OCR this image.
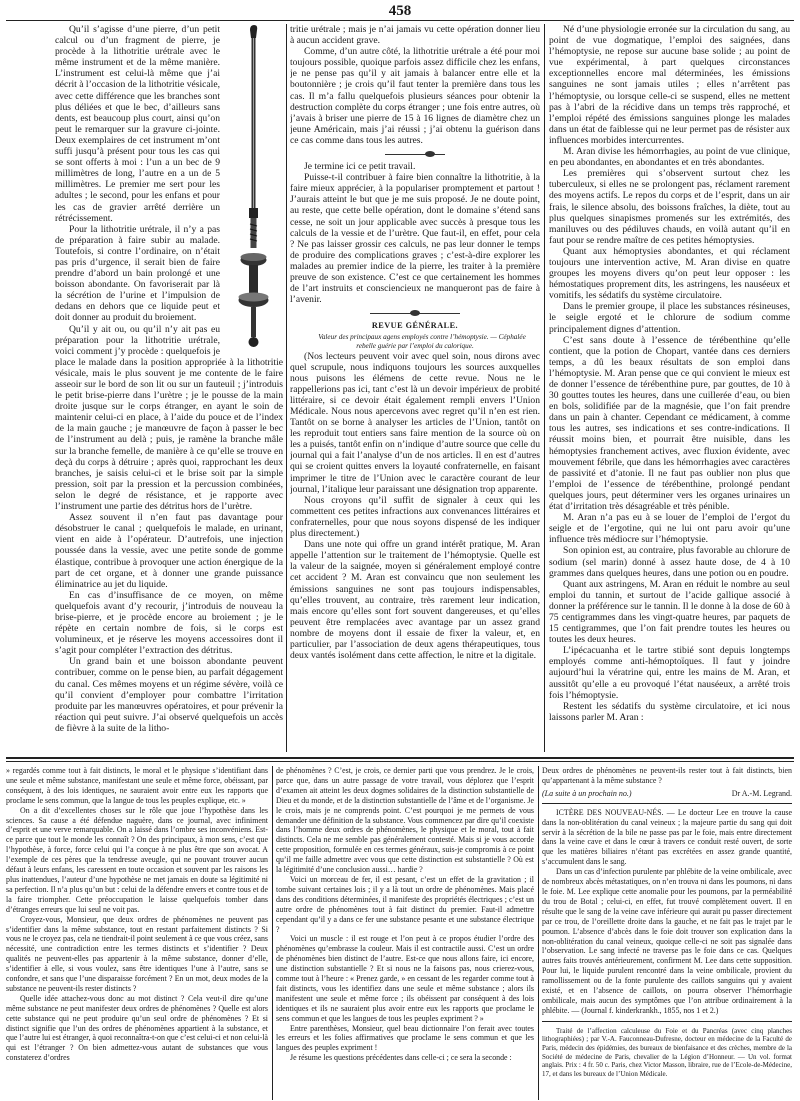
458

Qu’il s’agisse d’une pierre, d’un petit calcul ou d’un fragment de pierre, je procède à la lithotritie urétrale avec le même instrument et de la même manière. L’instrument est celui-là même que j’ai décrit à l’occasion de la lithotritie vésicale, avec cette différence que les branches sont plus déliées et que le bec, d’ailleurs sans dents, est beaucoup plus court, ainsi qu’on peut le remarquer sur la gravure ci-jointe. Deux exemplaires de cet instrument m’ont suffi jusqu’à présent pour tous les cas qui se sont offerts à moi : l’un a un bec de 9 millimètres de long, l’autre en a un de 5 millimètres. Le premier me sert pour les adultes ; le second, pour les enfans et pour les cas de gravier arrêté derrière un rétrécissement.

Pour la lithotritie urétrale, il n’y a pas de préparation à faire subir au malade. Toutefois, si contre l’ordinaire, on n’était pas pris d’urgence, il serait bien de faire prendre d’abord un bain prolongé et une boisson abondante. On favoriserait par là la sécrétion de l’urine et l’impulsion de dedans en dehors que ce liquide peut et doit donner au produit du broiement.

Qu’il y ait ou, ou qu’il n’y ait pas eu préparation pour la lithotritie urétrale, voici comment j’y procède : quelquefois je place le malade dans la position appropriée à la lithotritie vésicale, mais le plus souvent je me contente de le faire asseoir sur le bord de son lit ou sur un fauteuil ; j’introduis le petit brise-pierre dans l’urètre ; je le pousse de la main droite jusque sur le corps étranger, en ayant le soin de maintenir celui-ci en place, à l’aide du pouce et de l’index de la main gauche ; je manœuvre de façon à passer le bec de l’instrument au delà ; puis, je ramène la branche mâle sur la branche femelle, de manière à ce qu’elle se trouve en deçà du corps à détruire ; après quoi, rapprochant les deux branches, je saisis celui-ci et le brise soit par la simple pression, soit par la pression et la percussion combinées, selon le degré de résistance, et je rapporte avec l’instrument une partie des détritus hors de l’urètre.

Assez souvent il n’en faut pas davantage pour désobstruer le canal ; quelquefois le malade, en urinant, vient en aide à l’opérateur. D’autrefois, une injection poussée dans la vessie, avec une petite sonde de gomme élastique, contribue à provoquer une action énergique de la part de cet organe, et à donner une grande puissance éliminatrice au jet du liquide.

En cas d’insuffisance de ce moyen, on même quelquefois avant d’y recourir, j’introduis de nouveau la brise-pierre, et je procède encore au broiement ; je le répète en certain nombre de fois, si le corps est volumineux, et je réserve les moyens accessoires dont il s’agit pour compléter l’extraction des détritus.

Un grand bain et une boisson abondante peuvent contribuer, comme on le pense bien, au parfait dégagement du canal. Ces mêmes moyens et un régime sévère, voilà ce qu’il convient d’employer pour combattre l’irritation produite par les manœuvres opératoires, et pour prévenir la réaction qui peut suivre. J’ai observé quelquefois un accès de fièvre à la suite de la litho-

tritie urétrale ; mais je n’ai jamais vu cette opération donner lieu à aucun accident grave.

Comme, d’un autre côté, la lithotritie urétrale a été pour moi toujours possible, quoique parfois assez difficile chez les enfans, je ne pense pas qu’il y ait jamais à balancer entre elle et la boutonnière ; je crois qu’il faut tenter la première dans tous les cas. Il m’a fallu quelquefois plusieurs séances pour obtenir la destruction complète du corps étranger ; une fois entre autres, où j’avais à briser une pierre de 15 à 16 lignes de diamètre chez un jeune Américain, mais j’ai réussi ; j’ai obtenu la guérison dans ce cas comme dans tous les autres.

Je termine ici ce petit travail.

Puisse-t-il contribuer à faire bien connaître la lithotritie, à la faire mieux apprécier, à la populariser promptement et partout ! J’aurais atteint le but que je me suis proposé. Je ne doute point, au reste, que cette belle opération, dont le domaine s’étend sans cesse, ne soit un jour applicable avec succès à presque tous les calculs de la vessie et de l’urètre. Que faut-il, en effet, pour cela ? Ne pas laisser grossir ces calculs, ne pas leur donner le temps de produire des complications graves ; c’est-à-dire explorer les malades au premier indice de la pierre, les traiter à la première preuve de son existence. C’est ce que certainement les hommes de l’art instruits et consciencieux ne manqueront pas de faire à l’avenir.

REVUE GÉNÉRALE.

Valeur des principaux agens employés contre l’hémoptysie. — Céphalée rebelle guérie par l’emploi du calorique.

(Nos lecteurs peuvent voir avec quel soin, nous dirons avec quel scrupule, nous indiquons toujours les sources auxquelles nous puisons les élémens de cette revue. Nous ne le rappellerions pas ici, tant c’est là un devoir impérieux de probité littéraire, si ce devoir était également rempli envers l’Union Médicale. Nous nous apercevons avec regret qu’il n’en est rien. Tantôt on se borne à analyser les articles de l’Union, tantôt on les reproduit tout entiers sans faire mention de la source où on les a puisés, tantôt enfin on n’indique d’autre source que celle du journal qui a fait l’analyse d’un de nos articles. Il en est d’autres qui se croient quittes envers la loyauté confraternelle, en faisant imprimer le titre de l’Union avec le caractère courant de leur journal, l’italique leur paraissant une désignation trop apparente.

Nous croyons qu’il suffit de signaler à ceux qui les commettent ces petites infractions aux convenances littéraires et confraternelles, pour que nous soyons dispensé de les indiquer plus directement.)

Dans une note qui offre un grand intérêt pratique, M. Aran appelle l’attention sur le traitement de l’hémoptysie. Quelle est la valeur de la saignée, moyen si généralement employé contre cet accident ? M. Aran est convaincu que non seulement les émissions sanguines ne sont pas toujours indispensables, qu’elles trouvent, au contraire, très rarement leur indication, mais encore qu’elles sont fort souvent dangereuses, et qu’elles peuvent être remplacées avec avantage par un assez grand nombre de moyens dont il essaie de fixer la valeur, et, en particulier, par l’association de deux agens thérapeutiques, tous deux vantés isolément dans cette affection, le nitre et la digitale.

Né d’une physiologie erronée sur la circulation du sang, au point de vue dogmatique, l’emploi des saignées, dans l’hémoptysie, ne repose sur aucune base solide ; au point de vue expérimental, à part quelques circonstances exceptionnelles encore mal déterminées, les émissions sanguines ne sont jamais utiles ; elles n’arrêtent pas l’hémoptysie, ou lorsque celle-ci se suspend, elles ne mettent pas à l’abri de la récidive dans un temps très rapproché, et l’emploi répété des émissions sanguines plonge les malades dans un état de faiblesse qui ne leur permet pas de résister aux influences morbides intercurrentes.

M. Aran divise les hémorrhagies, au point de vue clinique, en peu abondantes, en abondantes et en très abondantes.

Les premières qui s’observent surtout chez les tuberculeux, si elles ne se prolongent pas, réclament rarement des moyens actifs. Le repos du corps et de l’esprit, dans un air frais, le silence absolu, des boissons fraîches, la diète, tout au plus quelques sinapismes promenés sur les extrémités, des maniluves ou des pédiluves chauds, en voilà autant qu’il en faut pour se rendre maître de ces petites hémoptysies.

Quant aux hémoptysies abondantes, et qui réclament toujours une intervention active, M. Aran divise en quatre groupes les moyens divers qu’on peut leur opposer : les hémostatiques proprement dits, les astringens, les nauséeux et vomitifs, les sédatifs du système circulatoire.

Dans le premier groupe, il place les substances résineuses, le seigle ergoté et le chlorure de sodium comme principalement dignes d’attention.

C’est sans doute à l’essence de térébenthine qu’elle contient, que la potion de Chopart, vantée dans ces derniers temps, a dû les beaux résultats de son emploi dans l’hémoptysie. M. Aran pense que ce qui convient le mieux est de donner l’essence de térébenthine pure, par gouttes, de 10 à 30 gouttes toutes les heures, dans une cuillerée d’eau, ou bien en bols, solidifiée par de la magnésie, que l’on fait prendre dans un pain à chanter. Cependant ce médicament, à comme tous les autres, ses indications et ses contre-indications. Il réussit moins bien, et pourrait être nuisible, dans les hémoptysies franchement actives, avec fluxion évidente, avec mouvement fébrile, que dans les hémorrhagies avec caractères de passivité et d’atonie. Il ne faut pas oublier non plus que l’emploi de l’essence de térébenthine, prolongé pendant quelques jours, peut déterminer vers les organes urinaires un état d’irritation très désagréable et très pénible.

M. Aran n’a pas eu à se louer de l’emploi de l’ergot du seigle et de l’ergotine, qui ne lui ont paru avoir qu’une influence très médiocre sur l’hémoptysie.

Son opinion est, au contraire, plus favorable au chlorure de sodium (sel marin) donné à assez haute dose, de 4 à 10 grammes dans quelques heures, dans une potion ou en poudre.

Quant aux astringens, M. Aran en réduit le nombre au seul emploi du tannin, et surtout de l’acide gallique associé à donner la préférence sur le tannin. Il le donne à la dose de 60 à 75 centigrammes dans les vingt-quatre heures, par paquets de 15 centigrammes, que l’on fait prendre toutes les heures ou toutes les deux heures.

L’ipécacuanha et le tartre stibié sont depuis longtemps employés comme anti-hémoptoïques. Il faut y joindre aujourd’hui la vératrine qui, entre les mains de M. Aran, et aussitôt qu’elle a eu provoqué l’état nauséeux, a arrêté trois fois l’hémoptysie.

Restent les sédatifs du système circulatoire, et ici nous laissons parler M. Aran :

» regardés comme tout à fait distincts, le moral et le physique s’identifiant dans une seule et même substance, manifestant une seule et même force, obéissant, par conséquent, à des lois identiques, ne sauraient avoir entre eux les rapports que proclame le sens commun, que la langue de tous les peuples explique, etc. »

On a dit d’excellentes choses sur le rôle que joue l’hypothèse dans les sciences. Sa cause a été défendue naguère, dans ce journal, avec infiniment d’esprit et une verve remarquable. On a laissé dans l’ombre ses inconvéniens. Est-ce parce que tout le monde les connaît ? On des principaux, à mon sens, c’est que l’hypothèse, à force, force celui qui l’a conçue à ne plus être que son avocat. A l’exemple de ces pères que la tendresse aveugle, qui ne pouvant trouver aucun défaut à leurs enfans, les caressent en toute occasion et souvent par les raisons les plus inattendues, l’auteur d’une hypothèse ne met jamais en doute sa légitimité ni sa perfection. Il n’a plus qu’un but : celui de la défendre envers et contre tous et de la faire triompher. Cette préoccupation le laisse quelquefois tomber dans d’étranges erreurs que lui seul ne voit pas.

Croyez-vous, Monsieur, que deux ordres de phénomènes ne peuvent pas s’identifier dans la même substance, tout en restant parfaitement distincts ? Si vous ne le croyez pas, cela ne tiendrait-il point seulement à ce que vous créez, sans nécessité, une contradiction entre les termes distincts et s’identifier ? Deux qualités ne peuvent-elles pas appartenir à la même substance, donner d’elle, s’identifier à elle, si vous voulez, sans être identiques l’une à l’autre, sans se confondre, et sans que l’une disparaisse forcément ? En un mot, deux modes de la substance ne peuvent-ils rester distincts ?

Quelle idée attachez-vous donc au mot distinct ? Cela veut-il dire qu’une même substance ne peut manifester deux ordres de phénomènes ? Quelle est alors cette substance qui ne peut produire qu’un seul ordre de phénomènes ? Et si distinct signifie que l’un des ordres de phénomènes appartient à la substance, et que l’autre lui est étranger, à quoi reconnaîtra-t-on que c’est celui-ci et non celui-là qui est l’étranger ? On bien admettez-vous autant de substances que vous constaterez d’ordres

de phénomènes ? C’est, je crois, ce dernier parti que vous prendrez. Je le crois, parce que, dans un autre passage de votre travail, vous déplorez que l’esprit d’examen ait atteint les deux dogmes solidaires de la distinction substantielle de Dieu et du monde, et de la distinction substantielle de l’âme et de l’organisme. Je le crois, mais je ne comprends point. C’est pourquoi je me permets de vous demander une définition de la substance. Vous commencez par dire qu’il coexiste dans l’homme deux ordres de phénomènes, le physique et le moral, tout à fait distincts. Cela ne me semble pas généralement contesté. Mais si je vous accorde cette proposition, formulée en ces termes généraux, suis-je compromis à ce point qu’il me faille admettre avec vous que cette distinction est substantielle ? Où est la légitimité d’une conclusion aussi… hardie ?

Voici un morceau de fer, il est pesant, c’est un effet de la gravitation ; il tombe suivant certaines lois ; il y a là tout un ordre de phénomènes. Mais placé dans des conditions déterminées, il manifeste des propriétés électriques ; c’est un autre ordre de phénomènes tout à fait distinct du premier. Faut-il admettre cependant qu’il y a dans ce fer une substance pesante et une substance électrique ?

Voici un muscle : il est rouge et l’on peut à ce propos étudier l’ordre des phénomènes qu’embrasse la couleur. Mais il est contractile aussi. C’est un ordre de phénomènes bien distinct de l’autre. Est-ce que nous allons faire, ici encore, une distinction substantielle ? Et si nous ne la faisons pas, nous crierez-vous, comme tout à l’heure : « Prenez garde, » en cessant de les regarder comme tout à fait distincts, vous les identifiez dans une seule et même substance ; alors ils manifestent une seule et même force ; ils obéissent par conséquent à des lois identiques et ils ne sauraient plus avoir entre eux les rapports que proclame le sens commun et que les langues de tous les peuples expriment ? »

Entre parenthèses, Monsieur, quel beau dictionnaire l’on ferait avec toutes les erreurs et les folies affirmatives que proclame le sens commun et que les langues des peuples expriment !

Je résume les questions précédentes dans celle-ci ; ce sera la seconde :

Deux ordres de phénomènes ne peuvent-ils rester tout à fait distincts, bien qu’appartenant à la même substance ?

(La suite à un prochain no.)	Dr A.-M. Legrand.

ICTÈRE DES NOUVEAU-NÉS. — Le docteur Lee en trouve la cause dans la non-oblitération du canal veineux ; la majeure partie du sang qui doit servir à la sécrétion de la bile ne passe pas par le foie, mais entre directement dans la veine cave et dans le cœur à travers ce conduit resté ouvert, de sorte que les matières biliaires n’étant pas excrétées en assez grande quantité, s’accumulent dans le sang.

Dans un cas d’infection purulente par phlébite de la veine ombilicale, avec de nombreux abcès métastatiques, on n’en trouva ni dans les poumons, ni dans le foie. M. Lee explique cette anomalie pour les poumons, par la perméabilité du trou de Botal ; celui-ci, en effet, fut trouvé complètement ouvert. Il en résulte que le sang de la veine cave inférieure qui aurait pu passer directement par ce trou, de l’oreillette droite dans la gauche, et ne fait pas le trajet par le poumon. L’absence d’abcès dans le foie doit trouver son explication dans la non-oblitération du canal veineux, quoique celle-ci ne soit pas signalée dans l’observation. Le sang infecté ne traverse pas le foie dans ce cas. Quelques autres faits trouvés antérieurement, confirment M. Lee dans cette supposition. Pour lui, le liquide purulent rencontré dans la veine ombilicale, provient du ramollissement ou de la fonte purulente des caillots sanguins qui y avaient existé, et en l’absence de caillots, on pourra observer l’hémorrhagie ombilicale, mais aucun des symptômes que l’on attribue ordinairement à la phlébite. — (Journal f. kinderkrankh., 1855, nos 1 et 2.)

Traité de l’affection calculeuse du Foie et du Pancréas (avec cinq planches lithographiées) ; par V.-A. Fauconneau-Dufresne, docteur en médecine de la Faculté de Paris, médecin des épidémies, des bureaux de bienfaisance et des crèches, membre de la Société de médecine de Paris, chevalier de la Légion d’Honneur. — Un vol. format anglais. Prix : 4 fr. 50 c. Paris, chez Victor Masson, libraire, rue de l’Ecole-de-Médecine, 17, et dans les bureaux de l’Union Médicale.
